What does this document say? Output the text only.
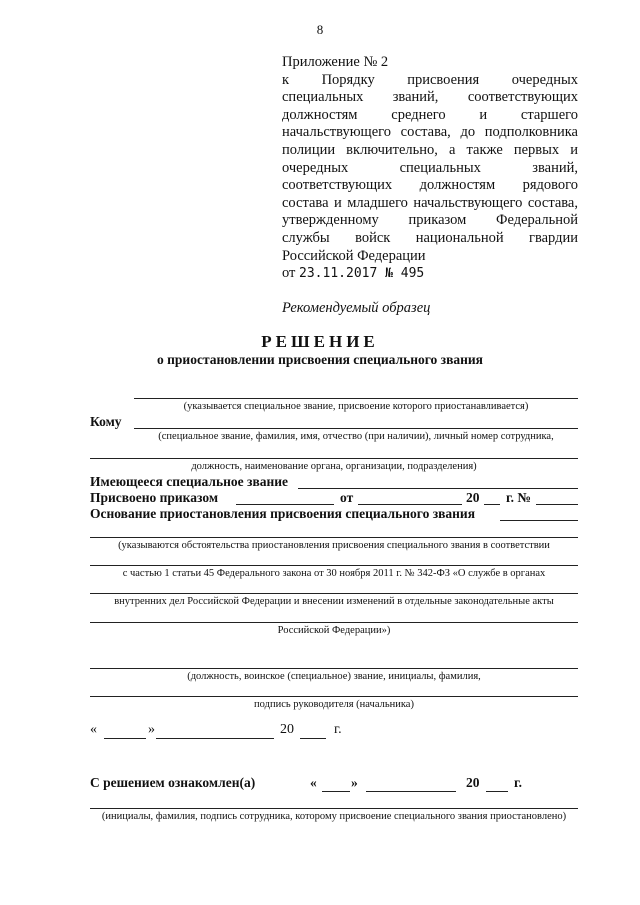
8
Приложение № 2
к Порядку присвоения очередных
специальных званий, соответствующих
должностям среднего и старшего
начальствующего состава, до подполковника
полиции включительно, а также первых и
очередных специальных званий,
соответствующих должностям рядового
состава и младшего начальствующего состава,
утвержденному приказом Федеральной
службы войск национальной гвардии
Российской Федерации
от 23.11.2017 № 495
Рекомендуемый образец
РЕШЕНИЕ
о приостановлении присвоения специального звания
(указывается специальное звание, присвоение которого приостанавливается)
Кому
(специальное звание, фамилия, имя, отчество (при наличии), личный номер сотрудника,
должность, наименование органа, организации, подразделения)
Имеющееся специальное звание
Присвоено приказом	от	20 г. №
Основание приостановления присвоения специального звания
(указываются обстоятельства приостановления присвоения специального звания в соответствии
с частью 1 статьи 45 Федерального закона от 30 ноября 2011 г. № 342-ФЗ «О службе в органах
внутренних дел Российской Федерации и внесении изменений в отдельные законодательные акты
Российской Федерации»)
(должность, воинское (специальное) звание, инициалы, фамилия,
подпись руководителя (начальника)
«	»	20	г.
С решением ознакомлен(а)	«	»	20	г.
(инициалы, фамилия, подпись сотрудника, которому присвоение специального звания приостановлено)
